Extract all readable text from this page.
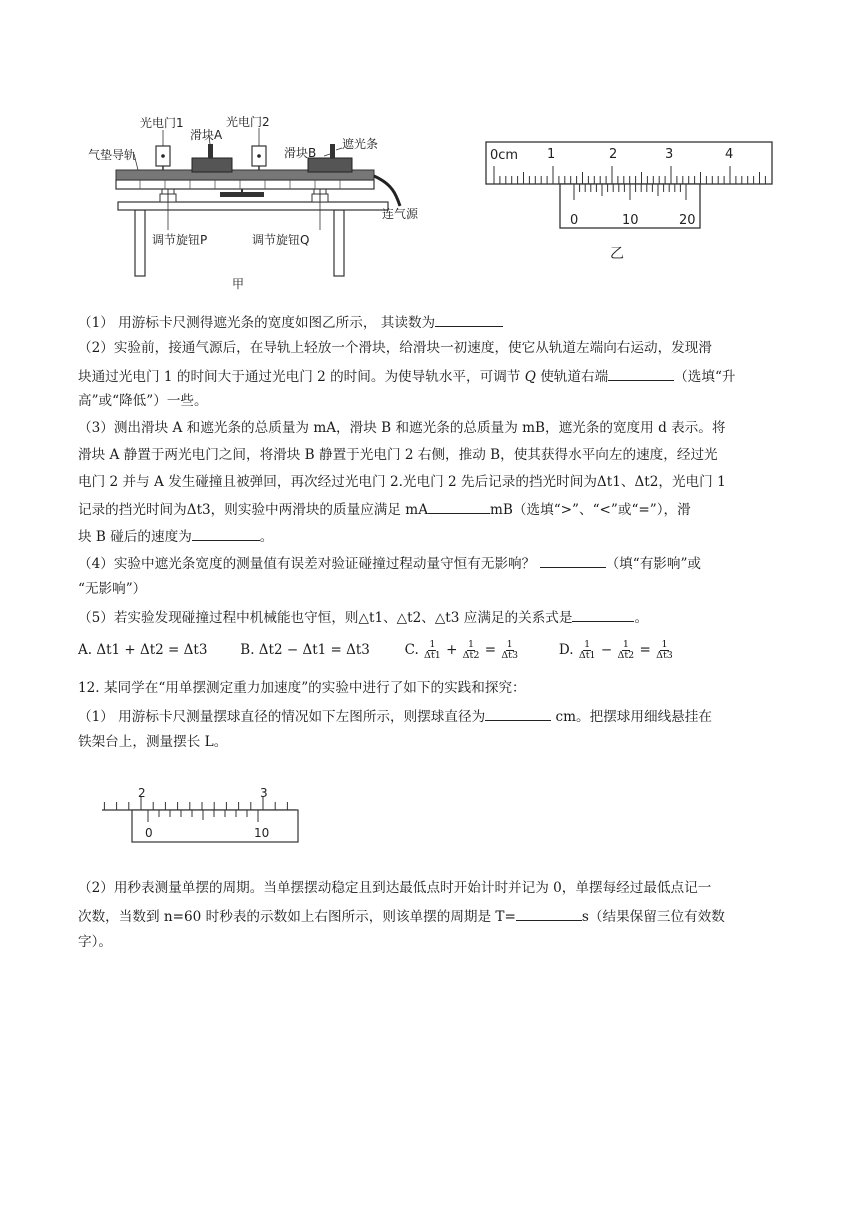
光电门1	光电门2
滑块A
滑块B
遮光条
气垫导轨
连气源
调节旋钮P	调节旋钮Q
甲
0cm 1	2	3	4
0	10	20
乙
（1） 用游标卡尺测得遮光条的宽度如图乙所示， 其读数为
（2）实验前，接通气源后，在导轨上轻放一个滑块，给滑块一初速度，使它从轨道左端向右运动，发现滑
块通过光电门 1 的时间大于通过光电门 2 的时间。为使导轨水平，可调节 Q 使轨道右端	（选填“升
高”或“降低”）一些。
（3）测出滑块 A 和遮光条的总质量为 mA，滑块 B 和遮光条的总质量为 mB，遮光条的宽度用 d 表示。将
滑块 A 静置于两光电门之间，将滑块 B 静置于光电门 2 右侧，推动 B，使其获得水平向左的速度，经过光
电门 2 并与 A 发生碰撞且被弹回，再次经过光电门 2.光电门 2 先后记录的挡光时间为Δt1、Δt2，光电门 1
记录的挡光时间为Δt3，则实验中两滑块的质量应满足 mA	mB（选填“>”、“<”或“=”），滑
块 B 碰后的速度为	。
（4）实验中遮光条宽度的测量值有误差对验证碰撞过程动量守恒有无影响？	（填“有影响”或
“无影响”）
（5）若实验发现碰撞过程中机械能也守恒，则△t1、△t2、△t3 应满足的关系式是	。
A. Δt1 + Δt2 = Δt3 B. Δt2 − Δt1 = Δt3	C. $\frac{1}{\Delta t1} + \frac{1}{\Delta t2} = \frac{1}{\Delta t3}$	D. $\frac{1}{\Delta t1} - \frac{1}{\Delta t2} = \frac{1}{\Delta t3}$
12. 某同学在“用单摆测定重力加速度”的实验中进行了如下的实践和探究：
（1） 用游标卡尺测量摆球直径的情况如下左图所示，则摆球直径为	cm。把摆球用细线悬挂在
铁架台上，测量摆长 L。
2	3
0	10
（2）用秒表测量单摆的周期。当单摆摆动稳定且到达最低点时开始计时并记为 0，单摆每经过最低点记一
次数，当数到 n=60 时秒表的示数如上右图所示，则该单摆的周期是 T=	s（结果保留三位有效数
字）。
